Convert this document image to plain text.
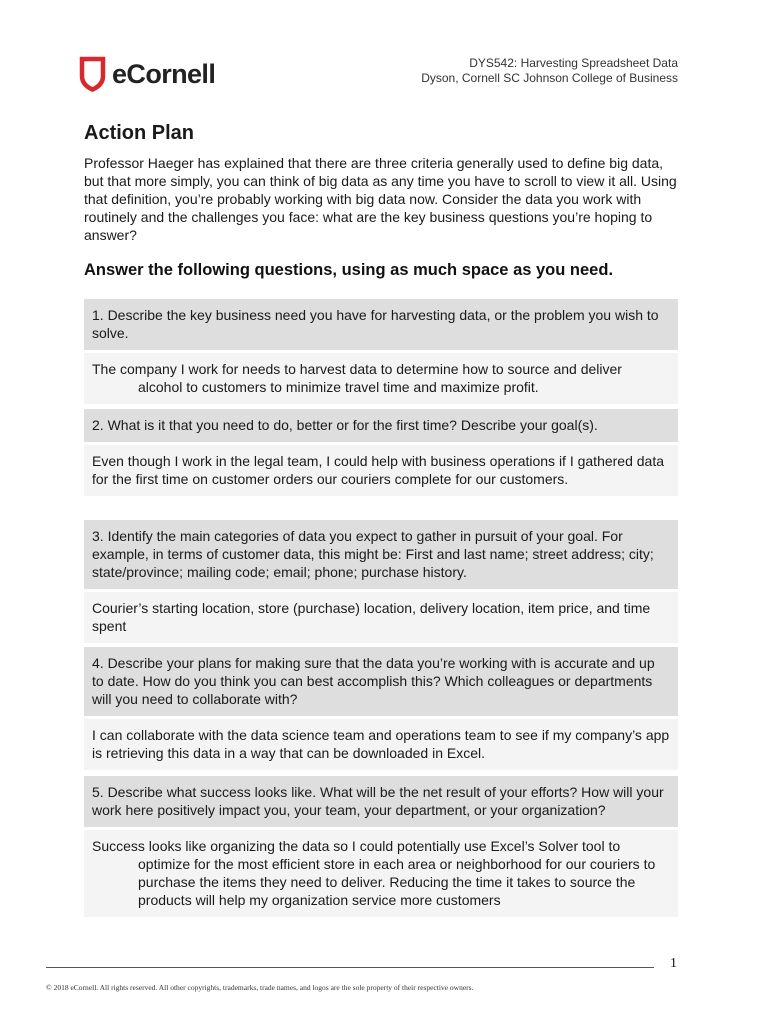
eCornell	DYS542: Harvesting Spreadsheet Data
Dyson, Cornell SC Johnson College of Business
Action Plan

Professor Haeger has explained that there are three criteria generally used to define big data, but that more simply, you can think of big data as any time you have to scroll to view it all. Using that definition, you’re probably working with big data now. Consider the data you work with routinely and the challenges you face: what are the key business questions you’re hoping to answer?

Answer the following questions, using as much space as you need.

1. Describe the key business need you have for harvesting data, or the problem you wish to solve.
The company I work for needs to harvest data to determine how to source and deliver
alcohol to customers to minimize travel time and maximize profit.
2. What is it that you need to do, better or for the first time? Describe your goal(s).
Even though I work in the legal team, I could help with business operations if I gathered data for the first time on customer orders our couriers complete for our customers.
3. Identify the main categories of data you expect to gather in pursuit of your goal. For example, in terms of customer data, this might be: First and last name; street address; city; state/province; mailing code; email; phone; purchase history.
Courier’s starting location, store (purchase) location, delivery location, item price, and time spent
4. Describe your plans for making sure that the data you’re working with is accurate and up to date. How do you think you can best accomplish this? Which colleagues or departments will you need to collaborate with?
I can collaborate with the data science team and operations team to see if my company’s app is retrieving this data in a way that can be downloaded in Excel.
5. Describe what success looks like. What will be the net result of your efforts? How will your work here positively impact you, your team, your department, or your organization?
Success looks like organizing the data so I could potentially use Excel’s Solver tool to
optimize for the most efficient store in each area or neighborhood for our couriers to purchase the items they need to deliver. Reducing the time it takes to source the products will help my organization service more customers
1
© 2018 eCornell. All rights reserved. All other copyrights, trademarks, trade names, and logos are the sole property of their respective owners.
